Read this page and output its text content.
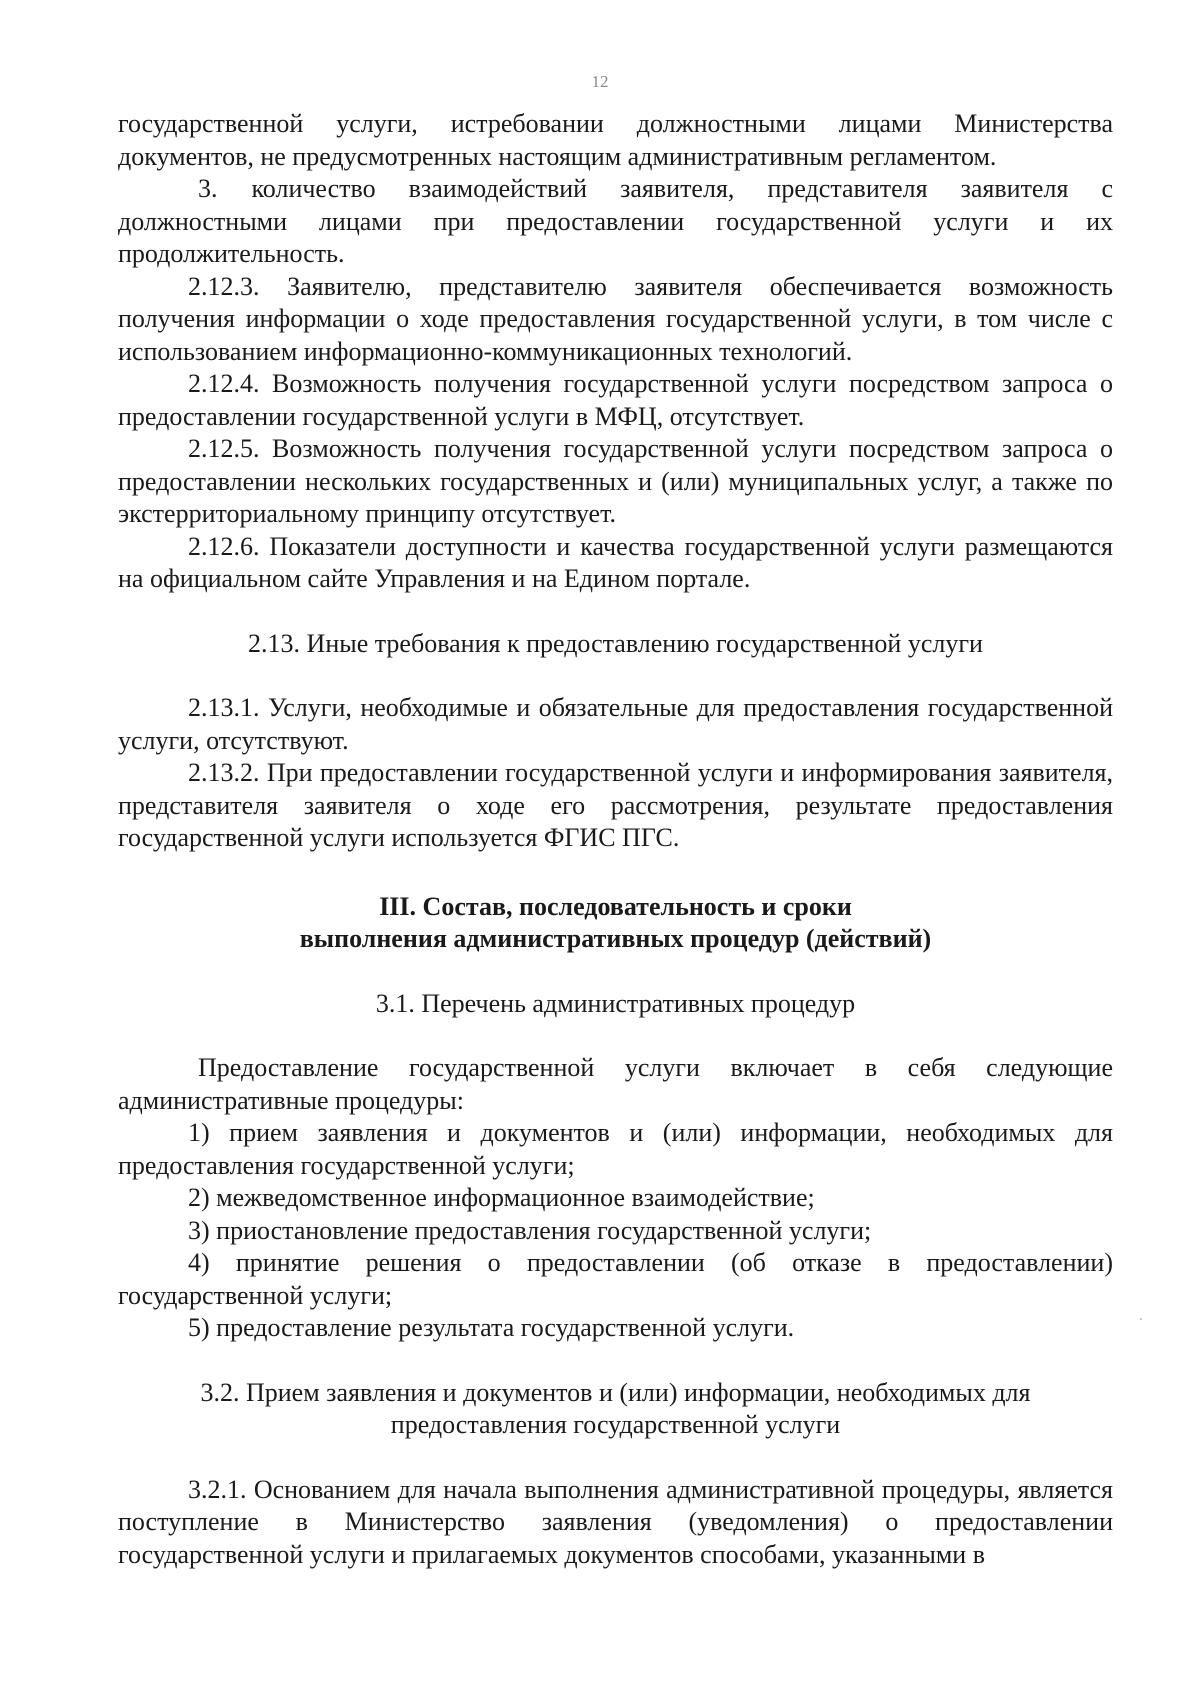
12

государственной услуги, истребовании должностными лицами Министерства документов, не предусмотренных настоящим административным регламентом.

3. количество взаимодействий заявителя, представителя заявителя с должностными лицами при предоставлении государственной услуги и их продолжительность.

2.12.3. Заявителю, представителю заявителя обеспечивается возможность получения информации о ходе предоставления государственной услуги, в том числе с использованием информационно-коммуникационных технологий.

2.12.4. Возможность получения государственной услуги посредством запроса о предоставлении государственной услуги в МФЦ, отсутствует.

2.12.5. Возможность получения государственной услуги посредством запроса о предоставлении нескольких государственных и (или) муниципальных услуг, а также по экстерриториальному принципу отсутствует.

2.12.6. Показатели доступности и качества государственной услуги размещаются на официальном сайте Управления и на Едином портале.

2.13. Иные требования к предоставлению государственной услуги

2.13.1. Услуги, необходимые и обязательные для предоставления государственной услуги, отсутствуют.

2.13.2. При предоставлении государственной услуги и информирования заявителя, представителя заявителя о ходе его рассмотрения, результате предоставления государственной услуги используется ФГИС ПГС.

III. Состав, последовательность и сроки

выполнения административных процедур (действий)

3.1. Перечень административных процедур

Предоставление государственной услуги включает в себя следующие административные процедуры:

1) прием заявления и документов и (или) информации, необходимых для предоставления государственной услуги;

2) межведомственное информационное взаимодействие;

3) приостановление предоставления государственной услуги;

4) принятие решения о предоставлении (об отказе в предоставлении) государственной услуги;

5) предоставление результата государственной услуги.

3.2. Прием заявления и документов и (или) информации, необходимых для

предоставления государственной услуги

3.2.1. Основанием для начала выполнения административной процедуры, является поступление в Министерство заявления (уведомления) о предоставлении государственной услуги и прилагаемых документов способами, указанными в
